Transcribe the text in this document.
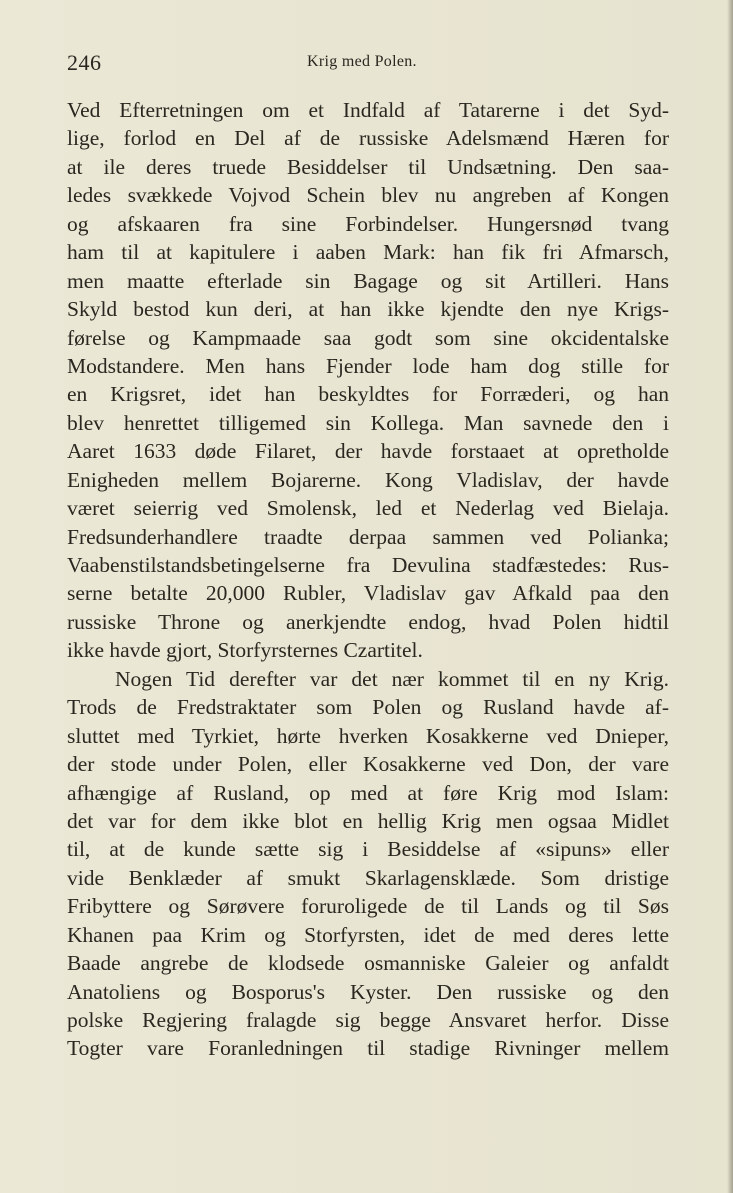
246	Krig med Polen.
Ved Efterretningen om et Indfald af Tatarerne i det Syd-
lige, forlod en Del af de russiske Adelsmænd Hæren for
at ile deres truede Besiddelser til Undsætning. Den saa-
ledes svækkede Vojvod Schein blev nu angreben af Kongen
og afskaaren fra sine Forbindelser. Hungersnød tvang
ham til at kapitulere i aaben Mark: han fik fri Afmarsch,
men maatte efterlade sin Bagage og sit Artilleri. Hans
Skyld bestod kun deri, at han ikke kjendte den nye Krigs-
førelse og Kampmaade saa godt som sine okcidentalske
Modstandere. Men hans Fjender lode ham dog stille for
en Krigsret, idet han beskyldtes for Forræderi, og han
blev henrettet tilligemed sin Kollega. Man savnede den i
Aaret 1633 døde Filaret, der havde forstaaet at opretholde
Enigheden mellem Bojarerne. Kong Vladislav, der havde
været seierrig ved Smolensk, led et Nederlag ved Bielaja.
Fredsunderhandlere traadte derpaa sammen ved Polianka;
Vaabenstilstandsbetingelserne fra Devulina stadfæstedes: Rus-
serne betalte 20,000 Rubler, Vladislav gav Afkald paa den
russiske Throne og anerkjendte endog, hvad Polen hidtil
ikke havde gjort, Storfyrsternes Czartitel.
Nogen Tid derefter var det nær kommet til en ny Krig.
Trods de Fredstraktater som Polen og Rusland havde af-
sluttet med Tyrkiet, hørte hverken Kosakkerne ved Dnieper,
der stode under Polen, eller Kosakkerne ved Don, der vare
afhængige af Rusland, op med at føre Krig mod Islam:
det var for dem ikke blot en hellig Krig men ogsaa Midlet
til, at de kunde sætte sig i Besiddelse af «sipuns» eller
vide Benklæder af smukt Skarlagensklæde. Som dristige
Fribyttere og Sørøvere foruroligede de til Lands og til Søs
Khanen paa Krim og Storfyrsten, idet de med deres lette
Baade angrebe de klodsede osmanniske Galeier og anfaldt
Anatoliens og Bosporus's Kyster. Den russiske og den
polske Regjering fralagde sig begge Ansvaret herfor. Disse
Togter vare Foranledningen til stadige Rivninger mellem
